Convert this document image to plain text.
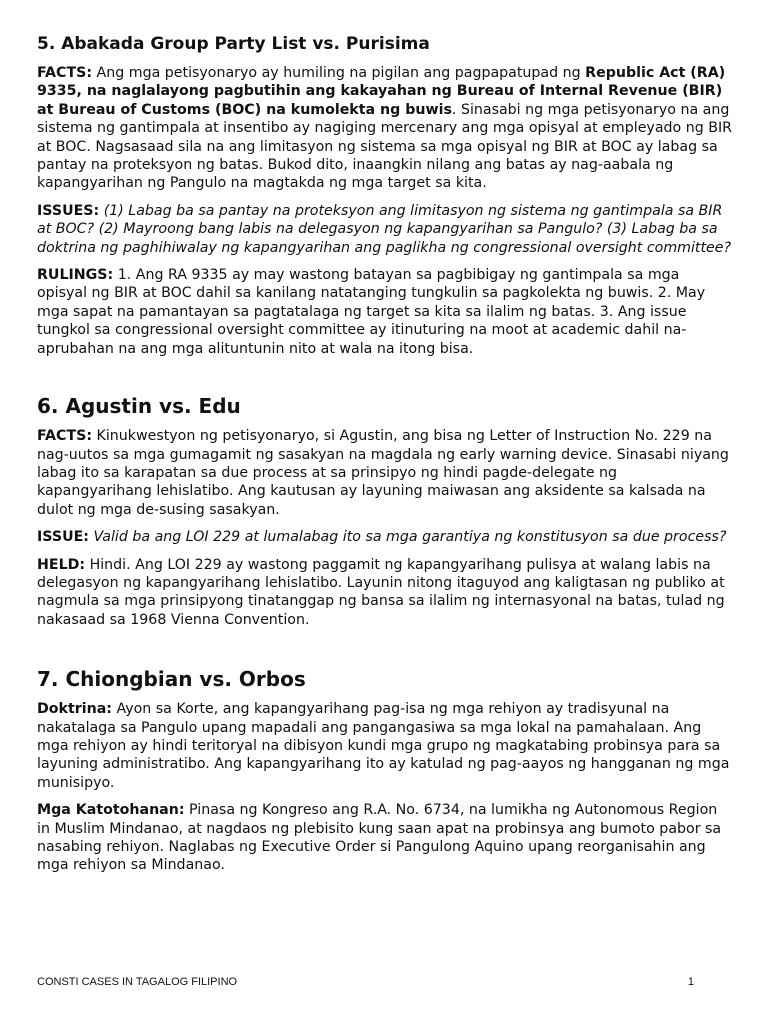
5. Abakada Group Party List vs. Purisima

FACTS: Ang mga petisyonaryo ay humiling na pigilan ang pagpapatupad ng Republic Act (RA) 9335, na naglalayong pagbutihin ang kakayahan ng Bureau of Internal Revenue (BIR) at Bureau of Customs (BOC) na kumolekta ng buwis. Sinasabi ng mga petisyonaryo na ang sistema ng gantimpala at insentibo ay nagiging mercenary ang mga opisyal at empleyado ng BIR at BOC. Nagsasaad sila na ang limitasyon ng sistema sa mga opisyal ng BIR at BOC ay labag sa pantay na proteksyon ng batas. Bukod dito, inaangkin nilang ang batas ay nag-aabala ng kapangyarihan ng Pangulo na magtakda ng mga target sa kita.

ISSUES: (1) Labag ba sa pantay na proteksyon ang limitasyon ng sistema ng gantimpala sa BIR at BOC? (2) Mayroong bang labis na delegasyon ng kapangyarihan sa Pangulo? (3) Labag ba sa doktrina ng paghihiwalay ng kapangyarihan ang paglikha ng congressional oversight committee?

RULINGS: 1. Ang RA 9335 ay may wastong batayan sa pagbibigay ng gantimpala sa mga opisyal ng BIR at BOC dahil sa kanilang natatanging tungkulin sa pagkolekta ng buwis. 2. May mga sapat na pamantayan sa pagtatalaga ng target sa kita sa ilalim ng batas. 3. Ang issue tungkol sa congressional oversight committee ay itinuturing na moot at academic dahil na-aprubahan na ang mga alituntunin nito at wala na itong bisa.

6. Agustin vs. Edu

FACTS: Kinukwestyon ng petisyonaryo, si Agustin, ang bisa ng Letter of Instruction No. 229 na nag-uutos sa mga gumagamit ng sasakyan na magdala ng early warning device. Sinasabi niyang labag ito sa karapatan sa due process at sa prinsipyo ng hindi pagde-delegate ng kapangyarihang lehislatibo. Ang kautusan ay layuning maiwasan ang aksidente sa kalsada na dulot ng mga de-susing sasakyan.

ISSUE: Valid ba ang LOI 229 at lumalabag ito sa mga garantiya ng konstitusyon sa due process?

HELD: Hindi. Ang LOI 229 ay wastong paggamit ng kapangyarihang pulisya at walang labis na delegasyon ng kapangyarihang lehislatibo. Layunin nitong itaguyod ang kaligtasan ng publiko at nagmula sa mga prinsipyong tinatanggap ng bansa sa ilalim ng internasyonal na batas, tulad ng nakasaad sa 1968 Vienna Convention.

7. Chiongbian vs. Orbos

Doktrina: Ayon sa Korte, ang kapangyarihang pag-isa ng mga rehiyon ay tradisyunal na nakatalaga sa Pangulo upang mapadali ang pangangasiwa sa mga lokal na pamahalaan. Ang mga rehiyon ay hindi teritoryal na dibisyon kundi mga grupo ng magkatabing probinsya para sa layuning administratibo. Ang kapangyarihang ito ay katulad ng pag-aayos ng hangganan ng mga munisipyo.

Mga Katotohanan: Pinasa ng Kongreso ang R.A. No. 6734, na lumikha ng Autonomous Region in Muslim Mindanao, at nagdaos ng plebisito kung saan apat na probinsya ang bumoto pabor sa nasabing rehiyon. Naglabas ng Executive Order si Pangulong Aquino upang reorganisahin ang mga rehiyon sa Mindanao.

CONSTI CASES IN TAGALOG FILIPINO	1
